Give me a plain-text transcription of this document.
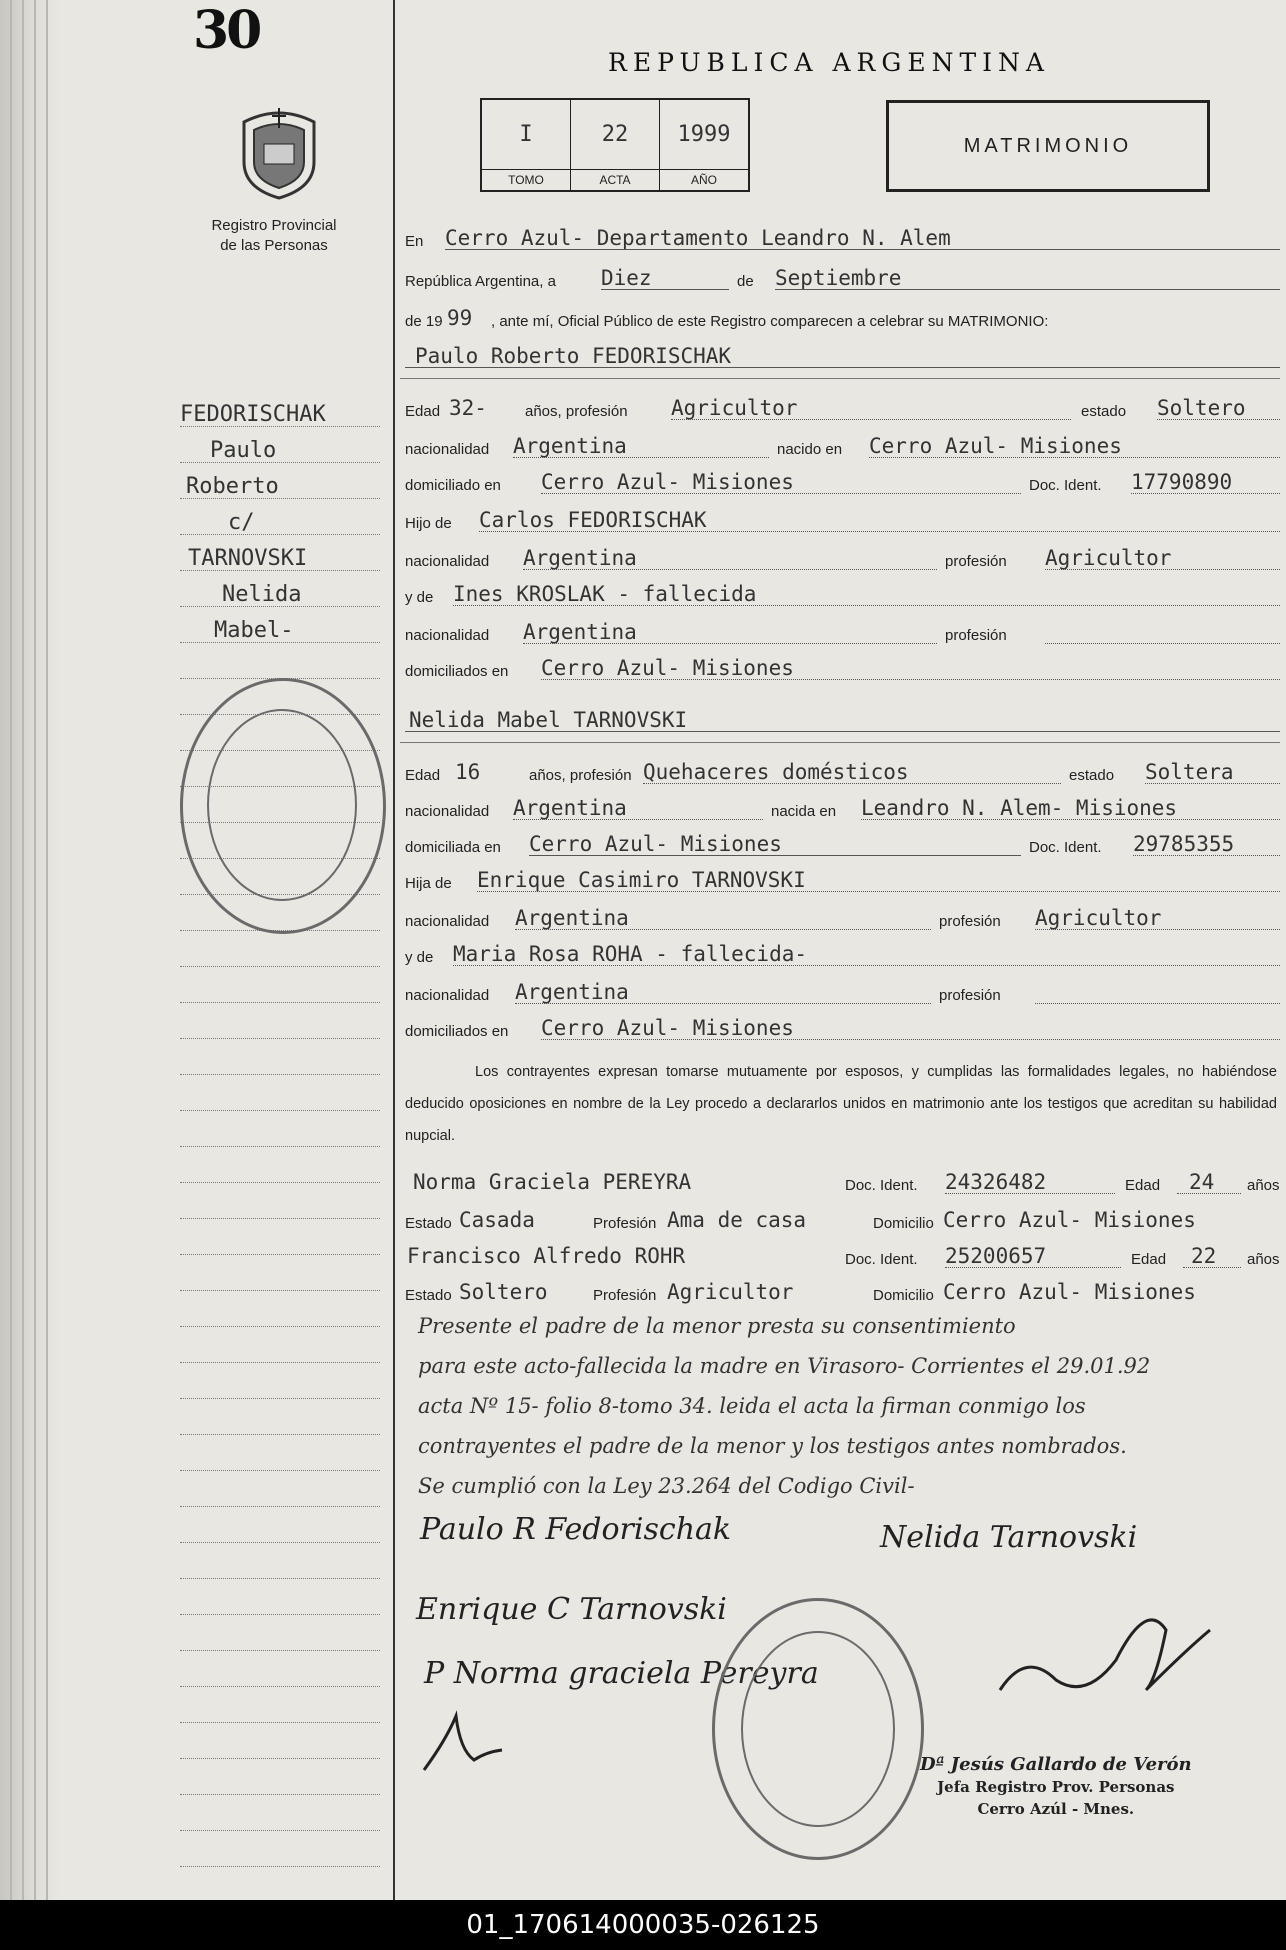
30
Registro Provincial
de las Personas
FEDORISCHAK
Paulo
Roberto
c/
TARNOVSKI
Nelida
Mabel-
REPUBLICA ARGENTINA
I	22	1999
TOMO	ACTA	AÑO
MATRIMONIO
En Cerro Azul- Departamento Leandro N. Alem
República Argentina, a Diez	de Septiembre
de 19 99 , ante mí, Oficial Público de este Registro comparecen a celebrar su MATRIMONIO:
Paulo Roberto FEDORISCHAK
Edad 32-	años, profesión Agricultor	estado Soltero
nacionalidad Argentina	nacido en Cerro Azul- Misiones
domiciliado en Cerro Azul- Misiones	Doc. Ident. 17790890
Hijo de Carlos FEDORISCHAK
nacionalidad Argentina	profesión Agricultor
y de Ines KROSLAK - fallecida
nacionalidad Argentina	profesión
domiciliados en Cerro Azul- Misiones
Nelida Mabel TARNOVSKI
Edad 16	años, profesión Quehaceres domésticos	estado Soltera
nacionalidad Argentina	nacida en Leandro N. Alem- Misiones
domiciliada en Cerro Azul- Misiones	Doc. Ident. 29785355
Hija de Enrique Casimiro TARNOVSKI
nacionalidad Argentina	profesión Agricultor
y de Maria Rosa ROHA - fallecida-
nacionalidad Argentina	profesión
domiciliados en Cerro Azul- Misiones
Los contrayentes expresan tomarse mutuamente por esposos, y cumplidas las formalidades legales, no habiéndose deducido oposiciones en nombre de la Ley procedo a declararlos unidos en matrimonio ante los testigos que acreditan su habilidad nupcial.
Norma Graciela PEREYRA	Doc. Ident. 24326482	Edad 24 años
Estado Casada	Profesión Ama de casa	Domicilio Cerro Azul- Misiones
Francisco Alfredo ROHR	Doc. Ident. 25200657	Edad 22 años
Estado Soltero	Profesión Agricultor	Domicilio Cerro Azul- Misiones
Presente el padre de la menor presta su consentimiento
para este acto-fallecida la madre en Virasoro- Corrientes el 29.01.92
acta Nº 15- folio 8-tomo 34. leida el acta la firman conmigo los
contrayentes el padre de la menor y los testigos antes nombrados.
Se cumplió con la Ley 23.264 del Codigo Civil-
Paulo R Fedorischak	Nelida Tarnovski
Enrique C Tarnovski
P Norma graciela Pereyra
Dª Jesús Gallardo de Verón
Jefa Registro Prov. Personas
Cerro Azúl - Mnes.
01_170614000035-026125
